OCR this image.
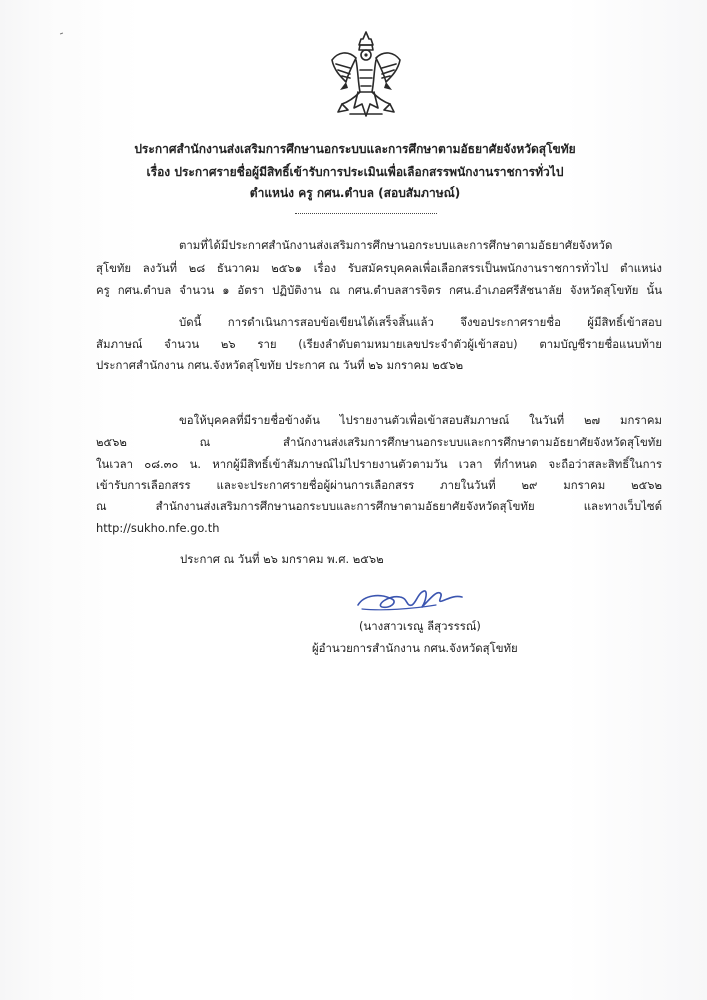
ประกาศสำนักงานส่งเสริมการศึกษานอกระบบและการศึกษาตามอัธยาศัยจังหวัดสุโขทัย
เรื่อง ประกาศรายชื่อผู้มีสิทธิ์เข้ารับการประเมินเพื่อเลือกสรรพนักงานราชการทั่วไป
ตำแหน่ง ครู กศน.ตำบล (สอบสัมภาษณ์)
ตามที่ได้มีประกาศสำนักงานส่งเสริมการศึกษานอกระบบและการศึกษาตามอัธยาศัยจังหวัด
สุโขทัย ลงวันที่ ๒๘ ธันวาคม ๒๕๖๑ เรื่อง รับสมัครบุคคลเพื่อเลือกสรรเป็นพนักงานราชการทั่วไป ตำแหน่ง
ครู กศน.ตำบล จำนวน ๑ อัตรา ปฏิบัติงาน ณ กศน.ตำบลสารจิตร กศน.อำเภอศรีสัชนาลัย จังหวัดสุโขทัย นั้น
บัดนี้ การดำเนินการสอบข้อเขียนได้เสร็จสิ้นแล้ว จึงขอประกาศรายชื่อ ผู้มีสิทธิ์เข้าสอบ
สัมภาษณ์ จำนวน ๒๖ ราย (เรียงลำดับตามหมายเลขประจำตัวผู้เข้าสอบ) ตามบัญชีรายชื่อแนบท้าย
ประกาศสำนักงาน กศน.จังหวัดสุโขทัย ประกาศ ณ วันที่ ๒๖ มกราคม ๒๕๖๒
ขอให้บุคคลที่มีรายชื่อข้างต้น ไปรายงานตัวเพื่อเข้าสอบสัมภาษณ์ ในวันที่ ๒๗ มกราคม
๒๕๖๒ ณ สำนักงานส่งเสริมการศึกษานอกระบบและการศึกษาตามอัธยาศัยจังหวัดสุโขทัย
ในเวลา ๐๘.๓๐ น. หากผู้มีสิทธิ์เข้าสัมภาษณ์ไม่ไปรายงานตัวตามวัน เวลา ที่กำหนด จะถือว่าสละสิทธิ์ในการ
เข้ารับการเลือกสรร และจะประกาศรายชื่อผู้ผ่านการเลือกสรร ภายในวันที่ ๒๙ มกราคม ๒๕๖๒
ณ สำนักงานส่งเสริมการศึกษานอกระบบและการศึกษาตามอัธยาศัยจังหวัดสุโขทัย และทางเว็บไซต์
http://sukho.nfe.go.th
ประกาศ ณ วันที่ ๒๖ มกราคม พ.ศ. ๒๕๖๒
(นางสาวเรณู ลีสุวรรรณ์)
ผู้อำนวยการสำนักงาน กศน.จังหวัดสุโขทัย
